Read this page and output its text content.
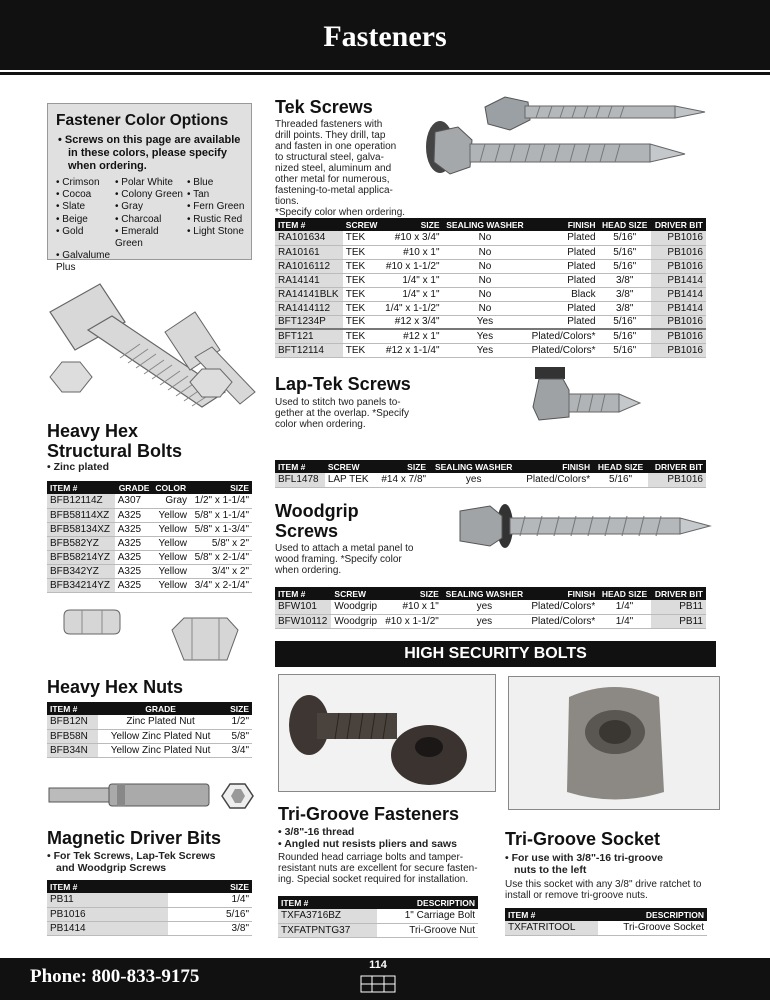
Fasteners
Fastener Color Options
• Screws on this page are available in these colors, please specify when ordering.
• Crimson	• Polar White	• Blue
• Cocoa	• Colony Green • Tan
• Slate	• Gray	• Fern Green
• Beige	• Charcoal	• Rustic Red
• Gold	• Emerald Green
• Light Stone
• Galvalume Plus
Heavy Hex
Structural Bolts
• Zinc plated
ITEM #	GRADE	COLOR	SIZE
BFB12114Z	A307	Gray	1/2" x 1-1/4"
BFB58114XZ	A325	Yellow	5/8" x 1-1/4"
BFB58134XZ	A325	Yellow	5/8" x 1-3/4"
BFB582YZ	A325	Yellow	5/8" x 2"
BFB58214YZ	A325	Yellow	5/8" x 2-1/4"
BFB342YZ	A325	Yellow	3/4" x 2"
BFB34214YZ	A325	Yellow	3/4" x 2-1/4"
Heavy Hex Nuts
ITEM #	GRADE	SIZE
BFB12N	Zinc Plated Nut	1/2"
BFB58N	Yellow Zinc Plated Nut	5/8"
BFB34N	Yellow Zinc Plated Nut	3/4"
Magnetic Driver Bits
• For Tek Screws, Lap-Tek Screws
and Woodgrip Screws
ITEM #	SIZE
PB11	1/4"
PB1016	5/16"
PB1414	3/8"
Tek Screws
Threaded fasteners with
drill points. They drill, tap
and fasten in one operation
to structural steel, galva-
nized steel, aluminum and
other metal for numerous,
fastening-to-metal applica-
tions.
*Specify color when ordering.
ITEM #	SCREW	SIZE	SEALING WASHER	FINISH	HEAD SIZE	DRIVER BIT
RA101634	TEK	#10 x 3/4"	No	Plated	5/16"	PB1016
RA10161	TEK	#10 x 1"	No	Plated	5/16"	PB1016
RA1016112	TEK	#10 x 1-1/2"	No	Plated	5/16"	PB1016
RA14141	TEK	1/4" x 1"	No	Plated	3/8"	PB1414
RA14141BLK	TEK	1/4" x 1"	No	Black	3/8"	PB1414
RA1414112	TEK	1/4" x 1-1/2"	No	Plated	3/8"	PB1414
BFT1234P	TEK	#12 x 3/4"	Yes	Plated	5/16"	PB1016
BFT121	TEK	#12 x 1"	Yes	Plated/Colors*	5/16"	PB1016
BFT12114	TEK	#12 x 1-1/4"	Yes	Plated/Colors*	5/16"	PB1016
Lap-Tek Screws
Used to stitch two panels to-
gether at the overlap. *Specify
color when ordering.
ITEM #	SCREW	SIZE	SEALING WASHER	FINISH	HEAD SIZE	DRIVER BIT
BFL1478	LAP TEK	#14 x 7/8"	yes	Plated/Colors*	5/16"	PB1016
Woodgrip
Screws
Used to attach a metal panel to
wood framing. *Specify color
when ordering.
ITEM #	SCREW	SIZE	SEALING WASHER	FINISH	HEAD SIZE	DRIVER BIT
BFW101	Woodgrip	#10 x 1"	yes	Plated/Colors*	1/4"	PB11
BFW10112	Woodgrip	#10 x 1-1/2"	yes	Plated/Colors*	1/4"	PB11
HIGH SECURITY BOLTS
Tri-Groove Fasteners
• 3/8"-16 thread
• Angled nut resists pliers and saws
Rounded head carriage bolts and tamper-
resistant nuts are excellent for secure fasten-
ing. Special socket required for installation.
ITEM #	DESCRIPTION
TXFA3716BZ	1" Carriage Bolt
TXFATPNTG37	Tri-Groove Nut
Tri-Groove Socket
• For use with 3/8"-16 tri-groove
nuts to the left
Use this socket with any 3/8" drive ratchet to
install or remove tri-groove nuts.
ITEM #	DESCRIPTION
TXFATRITOOL	Tri-Groove Socket
Phone: 800-833-9175
114
